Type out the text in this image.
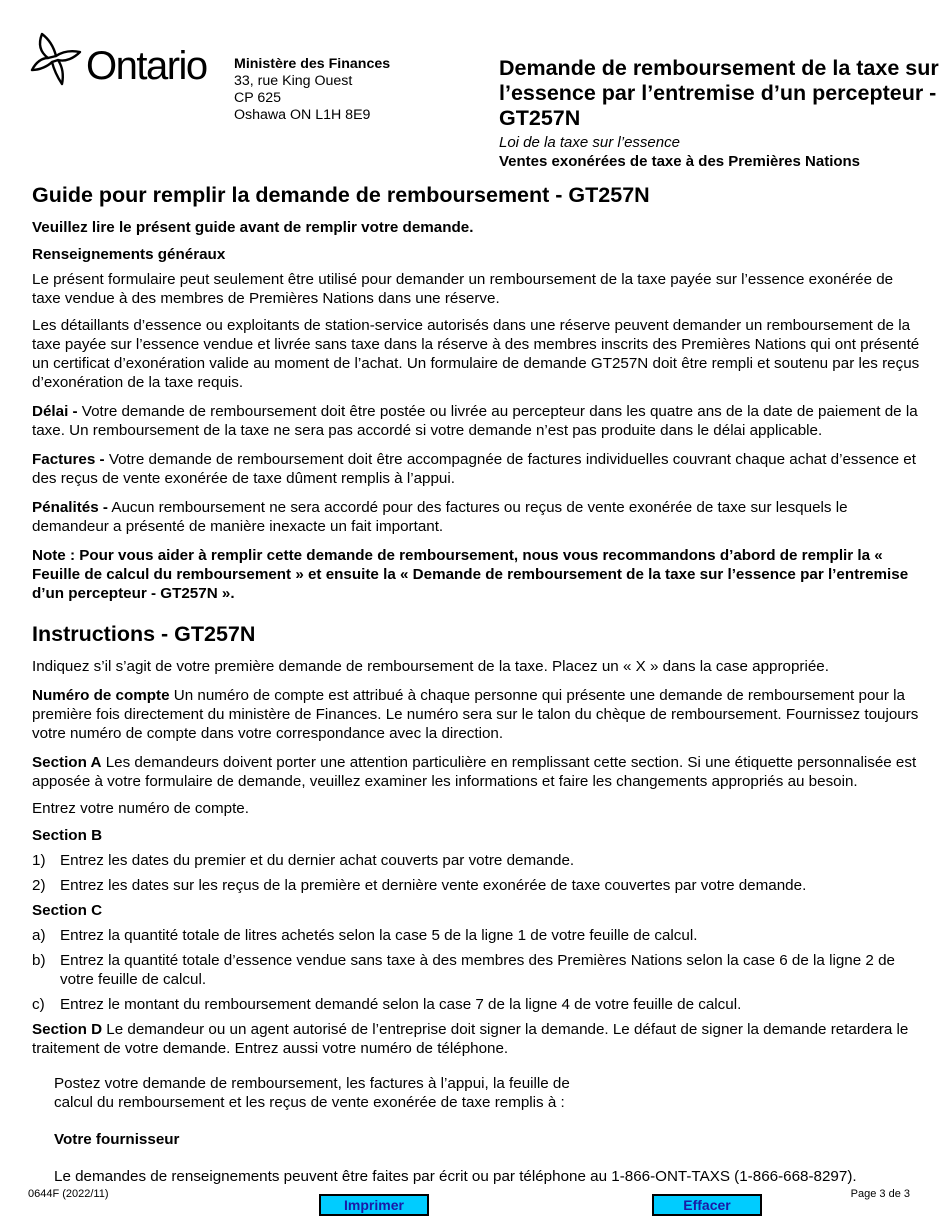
Ontario Ministère des Finances
33, rue King Ouest
CP 625
Oshawa ON L1H 8E9
Demande de remboursement de la taxe sur l’essence par l’entremise d’un percepteur - GT257N
Loi de la taxe sur l’essence
Ventes exonérées de taxe à des Premières Nations
Guide pour remplir la demande de remboursement - GT257N

Veuillez lire le présent guide avant de remplir votre demande.

Renseignements généraux

Le présent formulaire peut seulement être utilisé pour demander un remboursement de la taxe payée sur l’essence exonérée de taxe vendue à des membres de Premières Nations dans une réserve.

Les détaillants d’essence ou exploitants de station-service autorisés dans une réserve peuvent demander un remboursement de la taxe payée sur l’essence vendue et livrée sans taxe dans la réserve à des membres inscrits des Premières Nations qui ont présenté un certificat d’exonération valide au moment de l’achat. Un formulaire de demande GT257N doit être rempli et soutenu par les reçus d’exonération de la taxe requis.

Délai - Votre demande de remboursement doit être postée ou livrée au percepteur dans les quatre ans de la date de paiement de la taxe. Un remboursement de la taxe ne sera pas accordé si votre demande n’est pas produite dans le délai applicable.

Factures - Votre demande de remboursement doit être accompagnée de factures individuelles couvrant chaque achat d’essence et des reçus de vente exonérée de taxe dûment remplis à l’appui.

Pénalités - Aucun remboursement ne sera accordé pour des factures ou reçus de vente exonérée de taxe sur lesquels le demandeur a présenté de manière inexacte un fait important.

Note : Pour vous aider à remplir cette demande de remboursement, nous vous recommandons d’abord de remplir la « Feuille de calcul du remboursement » et ensuite la « Demande de remboursement de la taxe sur l’essence par l’entremise d’un percepteur - GT257N ».

Instructions - GT257N

Indiquez s’il s’agit de votre première demande de remboursement de la taxe. Placez un « X » dans la case appropriée.

Numéro de compte Un numéro de compte est attribué à chaque personne qui présente une demande de remboursement pour la première fois directement du ministère de Finances. Le numéro sera sur le talon du chèque de remboursement. Fournissez toujours votre numéro de compte dans votre correspondance avec la direction.

Section A Les demandeurs doivent porter une attention particulière en remplissant cette section. Si une étiquette personnalisée est apposée à votre formulaire de demande, veuillez examiner les informations et faire les changements appropriés au besoin.

Entrez votre numéro de compte.

Section B
1) Entrez les dates du premier et du dernier achat couverts par votre demande.
2) Entrez les dates sur les reçus de la première et dernière vente exonérée de taxe couvertes par votre demande.
Section C
a) Entrez la quantité totale de litres achetés selon la case 5 de la ligne 1 de votre feuille de calcul.
b) Entrez la quantité totale d’essence vendue sans taxe à des membres des Premières Nations selon la case 6 de la ligne 2 de votre feuille de calcul.
c)	Entrez le montant du remboursement demandé selon la case 7 de la ligne 4 de votre feuille de calcul.

Section D Le demandeur ou un agent autorisé de l’entreprise doit signer la demande. Le défaut de signer la demande retardera le traitement de votre demande. Entrez aussi votre numéro de téléphone.

Postez votre demande de remboursement, les factures à l’appui, la feuille de
calcul du remboursement et les reçus de vente exonérée de taxe remplis à :
Votre fournisseur
Le demandes de renseignements peuvent être faites par écrit ou par téléphone au 1-866-ONT-TAXS (1-866-668-8297).
0644F (2022/11)
Imprimer	Effacer
Page 3 de 3
